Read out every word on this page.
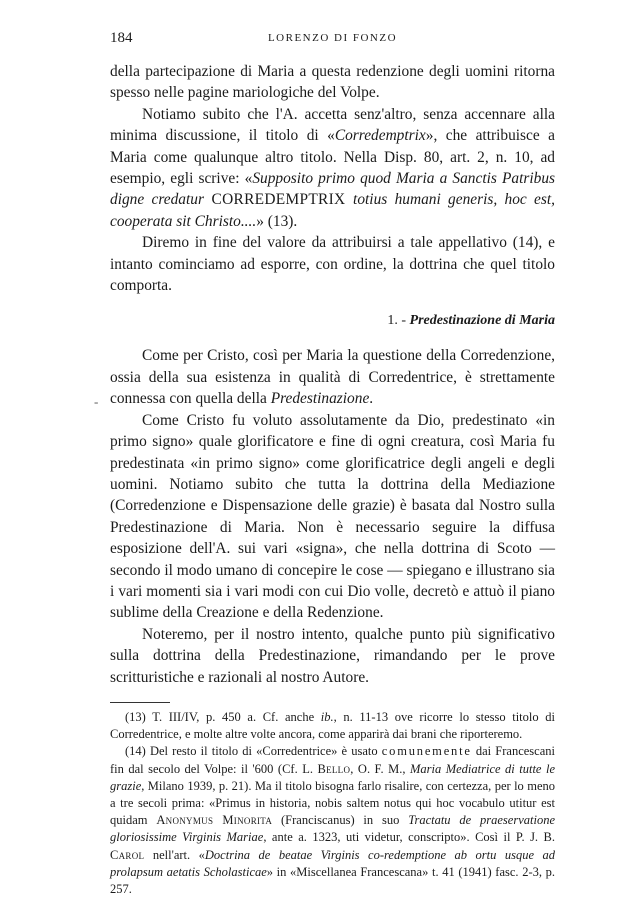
184	LORENZO DI FONZO
-

della partecipazione di Maria a questa redenzione degli uomini ritorna spesso nelle pagine mariologiche del Volpe.

Notiamo subito che l'A. accetta senz'altro, senza accennare alla minima discussione, il titolo di «Corredemptrix», che attribuisce a Maria come qualunque altro titolo. Nella Disp. 80, art. 2, n. 10, ad esempio, egli scrive: «Supposito primo quod Maria a Sanctis Patribus digne credatur CORREDEMPTRIX totius humani generis, hoc est, cooperata sit Christo....» (13).

Diremo in fine del valore da attribuirsi a tale appellativo (14), e intanto cominciamo ad esporre, con ordine, la dottrina che quel titolo comporta.

1. - Predestinazione di Maria

Come per Cristo, così per Maria la questione della Corredenzione, ossia della sua esistenza in qualità di Corredentrice, è strettamente connessa con quella della Predestinazione.

Come Cristo fu voluto assolutamente da Dio, predestinato «in primo signo» quale glorificatore e fine di ogni creatura, così Maria fu predestinata «in primo signo» come glorificatrice degli angeli e degli uomini. Notiamo subito che tutta la dottrina della Mediazione (Corredenzione e Dispensazione delle grazie) è basata dal Nostro sulla Predestinazione di Maria. Non è necessario seguire la diffusa esposizione dell'A. sui vari «signa», che nella dottrina di Scoto — secondo il modo umano di concepire le cose — spiegano e illustrano sia i vari momenti sia i vari modi con cui Dio volle, decretò e attuò il piano sublime della Creazione e della Redenzione.

Noteremo, per il nostro intento, qualche punto più significativo sulla dottrina della Predestinazione, rimandando per le prove scritturistiche e razionali al nostro Autore.

(13) T. III/IV, p. 450 a. Cf. anche ib., n. 11-13 ove ricorre lo stesso titolo di Corredentrice, e molte altre volte ancora, come apparirà dai brani che riporteremo.

(14) Del resto il titolo di «Corredentrice» è usato comunemente dai Francescani fin dal secolo del Volpe: il '600 (Cf. L. Bello, O. F. M., Maria Mediatrice di tutte le grazie, Milano 1939, p. 21). Ma il titolo bisogna farlo risalire, con certezza, per lo meno a tre secoli prima: «Primus in historia, nobis saltem notus qui hoc vocabulo utitur est quidam Anonymus Minorita (Franciscanus) in suo Tractatu de praeservatione gloriosissime Virginis Mariae, ante a. 1323, uti videtur, conscripto». Così il P. J. B. Carol nell'art. «Doctrina de beatae Virginis co-redemptione ab ortu usque ad prolapsum aetatis Scholasticae» in «Miscellanea Francescana» t. 41 (1941) fasc. 2-3, p. 257.
